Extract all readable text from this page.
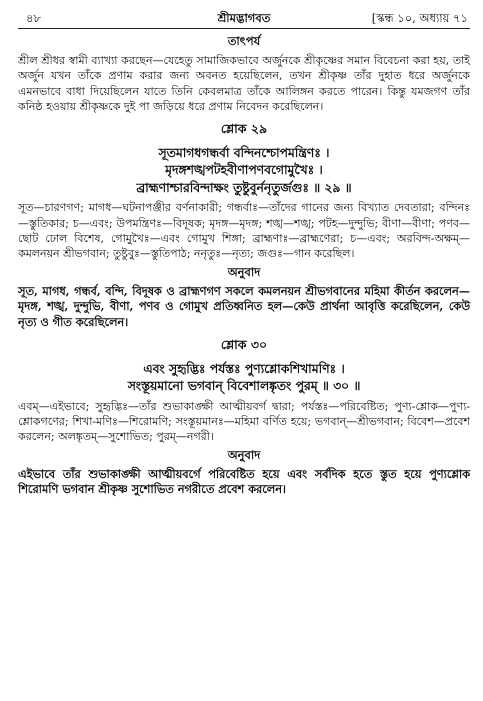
৪৮	শ্রীমদ্ভাগবত	[স্কন্ধ ১০, অধ্যায় ৭১
তাৎপর্য

শ্রীল শ্রীধর স্বামী ব্যাখ্যা করছেন—যেহেতু সামাজিকভাবে অর্জুনকে শ্রীকৃষ্ণের সমান বিবেচনা করা হয়, তাই অর্জুন যখন তাঁকে প্রণাম করার জন্য অবনত হয়েছিলেন, তখন শ্রীকৃষ্ণ তাঁর দুহাত ধরে অর্জুনকে এমনভাবে বাধা দিয়েছিলেন যাতে তিনি কেবলমাত্র তাঁকে আলিঙ্গন করতে পারেন। কিন্তু যমজগণ তাঁর কনিষ্ঠ হওয়ায় শ্রীকৃষ্ণকে দুই পা জড়িয়ে ধরে প্রণাম নিবেদন করেছিলেন।

শ্লোক ২৯

সূতমাগধগন্ধর্বা বন্দিনশ্চোপমন্ত্রিণঃ ।

মৃদঙ্গশঙ্খপটহবীণাপণবগোমুখৈঃ ।

ব্রাহ্মণাশ্চারবিন্দাক্ষং তুষ্টুবুর্ননৃতুর্জগুঃ ॥ ২৯ ॥

সূত—চারণগণ; মাগধ—ঘটনাপঞ্জীর বর্ণনাকারী; গন্ধর্বাঃ—তাঁদের গানের জন্য বিখ্যাত দেবতারা; বন্দিনঃ—স্তুতিকার; চ—এবং; উপমন্ত্রিণঃ—বিদূষক; মৃদঙ্গ—মৃদঙ্গ; শঙ্খ—শঙ্খ; পটহ—দুন্দুভি; বীণা—বীণা; পণব—ছোট ঢোল বিশেষ, গোমুখৈঃ—এবং গোমুখ শিঙ্গা; ব্রাহ্মণাঃ—ব্রাহ্মণেরা; চ—এবং; অরবিন্দ-অক্ষম্—কমলনয়ন শ্রীভগবান; তুষ্টুবুঃ—স্তুতিপাঠ; ননৃতুঃ—নৃত্য; জগুঃ—গান করেছিল।

অনুবাদ

সূত, মাগধ, গন্ধর্ব, বন্দি, বিদূষক ও ব্রাহ্মণগণ সকলে কমলনয়ন শ্রীভগবানের মহিমা কীর্তন করলেন—মৃদঙ্গ, শঙ্খ, দুন্দুভি, বীণা, পণব ও গোমুখ প্রতিধ্বনিত হল—কেউ প্রার্থনা আবৃত্তি করেছিলেন, কেউ নৃত্য ও গীত করেছিলেন।

শ্লোক ৩০

এবং সুহৃদ্ভিঃ পর্যস্তঃ পুণ্যশ্লোকশিখামণিঃ ।

সংস্তূয়মানো ভগবান্ বিবেশালঙ্কৃতং পুরম্ ॥ ৩০ ॥

এবম্—এইভাবে; সুহৃদ্ভিঃ—তাঁর শুভাকাঙ্ক্ষী আত্মীয়বর্গ দ্বারা; পর্যস্তঃ—পরিবেষ্টিত; পুণ্য-শ্লোক—পুণ্য-শ্লোকগণের; শিখা-মণিঃ—শিরোমণি; সংস্তূয়মানঃ—মহিমা বর্ণিত হয়ে; ভগবান্—শ্রীভগবান; বিবেশ—প্রবেশ করলেন; অলঙ্কৃতম্—সুশোভিত; পুরম্—নগরী।

অনুবাদ

এইভাবে তাঁর শুভাকাঙ্ক্ষী আত্মীয়বর্গে পরিবেষ্টিত হয়ে এবং সর্বদিক হতে স্তুত হয়ে পুণ্যশ্লোক শিরোমণি ভগবান শ্রীকৃষ্ণ সুশোভিত নগরীতে প্রবেশ করলেন।
